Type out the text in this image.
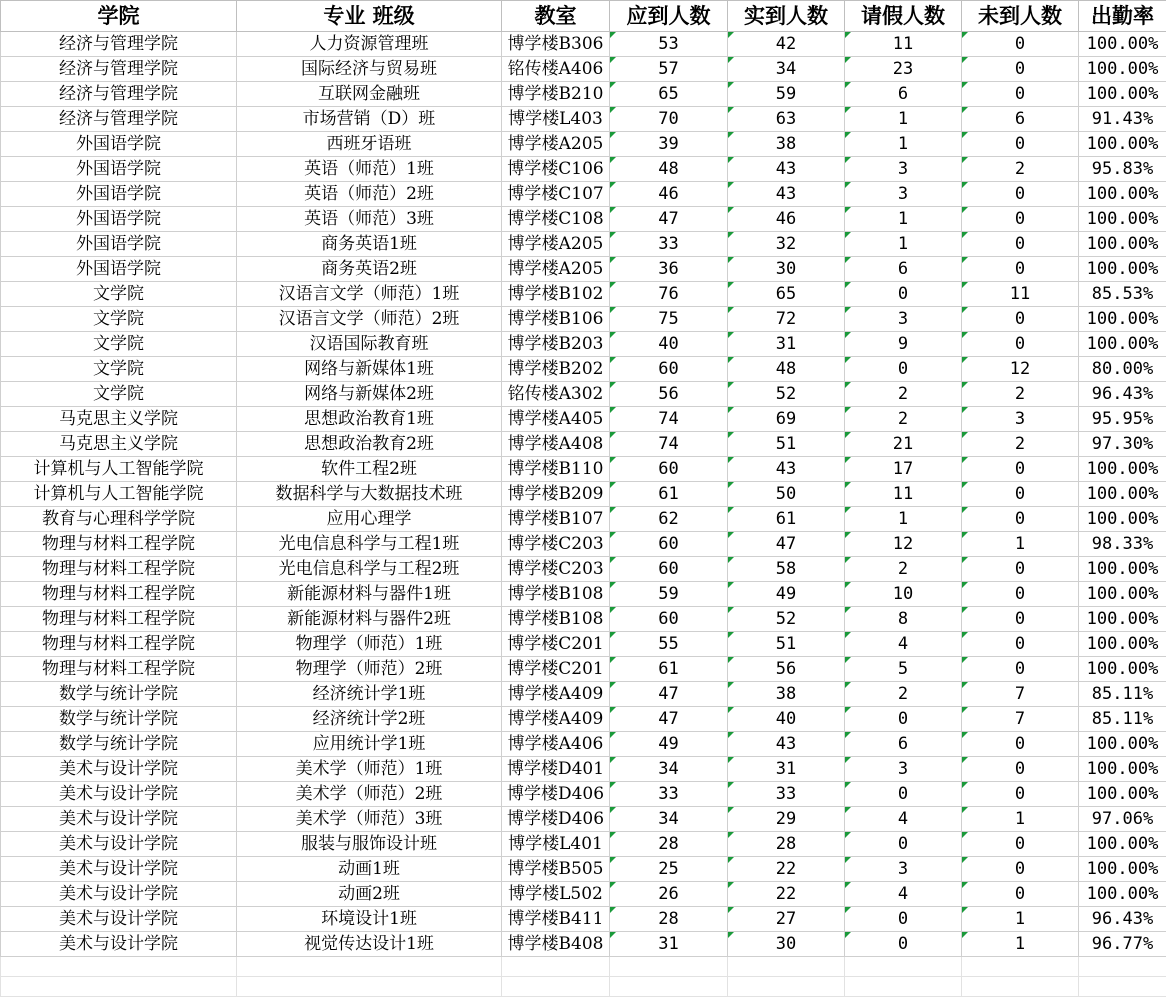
学院	专业 班级	教室	应到人数	实到人数	请假人数	未到人数	出勤率
经济与管理学院	人力资源管理班	博学楼B306	53	42	11	0	100.00%
经济与管理学院	国际经济与贸易班	铭传楼A406	57	34	23	0	100.00%
经济与管理学院	互联网金融班	博学楼B210	65	59	6	0	100.00%
经济与管理学院	市场营销（D）班	博学楼L403	70	63	1	6	91.43%
外国语学院	西班牙语班	博学楼A205	39	38	1	0	100.00%
外国语学院	英语（师范）1班	博学楼C106	48	43	3	2	95.83%
外国语学院	英语（师范）2班	博学楼C107	46	43	3	0	100.00%
外国语学院	英语（师范）3班	博学楼C108	47	46	1	0	100.00%
外国语学院	商务英语1班	博学楼A205	33	32	1	0	100.00%
外国语学院	商务英语2班	博学楼A205	36	30	6	0	100.00%
文学院	汉语言文学（师范）1班	博学楼B102	76	65	0	11	85.53%
文学院	汉语言文学（师范）2班	博学楼B106	75	72	3	0	100.00%
文学院	汉语国际教育班	博学楼B203	40	31	9	0	100.00%
文学院	网络与新媒体1班	博学楼B202	60	48	0	12	80.00%
文学院	网络与新媒体2班	铭传楼A302	56	52	2	2	96.43%
马克思主义学院	思想政治教育1班	博学楼A405	74	69	2	3	95.95%
马克思主义学院	思想政治教育2班	博学楼A408	74	51	21	2	97.30%
计算机与人工智能学院	软件工程2班	博学楼B110	60	43	17	0	100.00%
计算机与人工智能学院	数据科学与大数据技术班	博学楼B209	61	50	11	0	100.00%
教育与心理科学学院	应用心理学	博学楼B107	62	61	1	0	100.00%
物理与材料工程学院	光电信息科学与工程1班	博学楼C203	60	47	12	1	98.33%
物理与材料工程学院	光电信息科学与工程2班	博学楼C203	60	58	2	0	100.00%
物理与材料工程学院	新能源材料与器件1班	博学楼B108	59	49	10	0	100.00%
物理与材料工程学院	新能源材料与器件2班	博学楼B108	60	52	8	0	100.00%
物理与材料工程学院	物理学（师范）1班	博学楼C201	55	51	4	0	100.00%
物理与材料工程学院	物理学（师范）2班	博学楼C201	61	56	5	0	100.00%
数学与统计学院	经济统计学1班	博学楼A409	47	38	2	7	85.11%
数学与统计学院	经济统计学2班	博学楼A409	47	40	0	7	85.11%
数学与统计学院	应用统计学1班	博学楼A406	49	43	6	0	100.00%
美术与设计学院	美术学（师范）1班	博学楼D401	34	31	3	0	100.00%
美术与设计学院	美术学（师范）2班	博学楼D406	33	33	0	0	100.00%
美术与设计学院	美术学（师范）3班	博学楼D406	34	29	4	1	97.06%
美术与设计学院	服装与服饰设计班	博学楼L401	28	28	0	0	100.00%
美术与设计学院	动画1班	博学楼B505	25	22	3	0	100.00%
美术与设计学院	动画2班	博学楼L502	26	22	4	0	100.00%
美术与设计学院	环境设计1班	博学楼B411	28	27	0	1	96.43%
美术与设计学院	视觉传达设计1班	博学楼B408	31	30	0	1	96.77%
